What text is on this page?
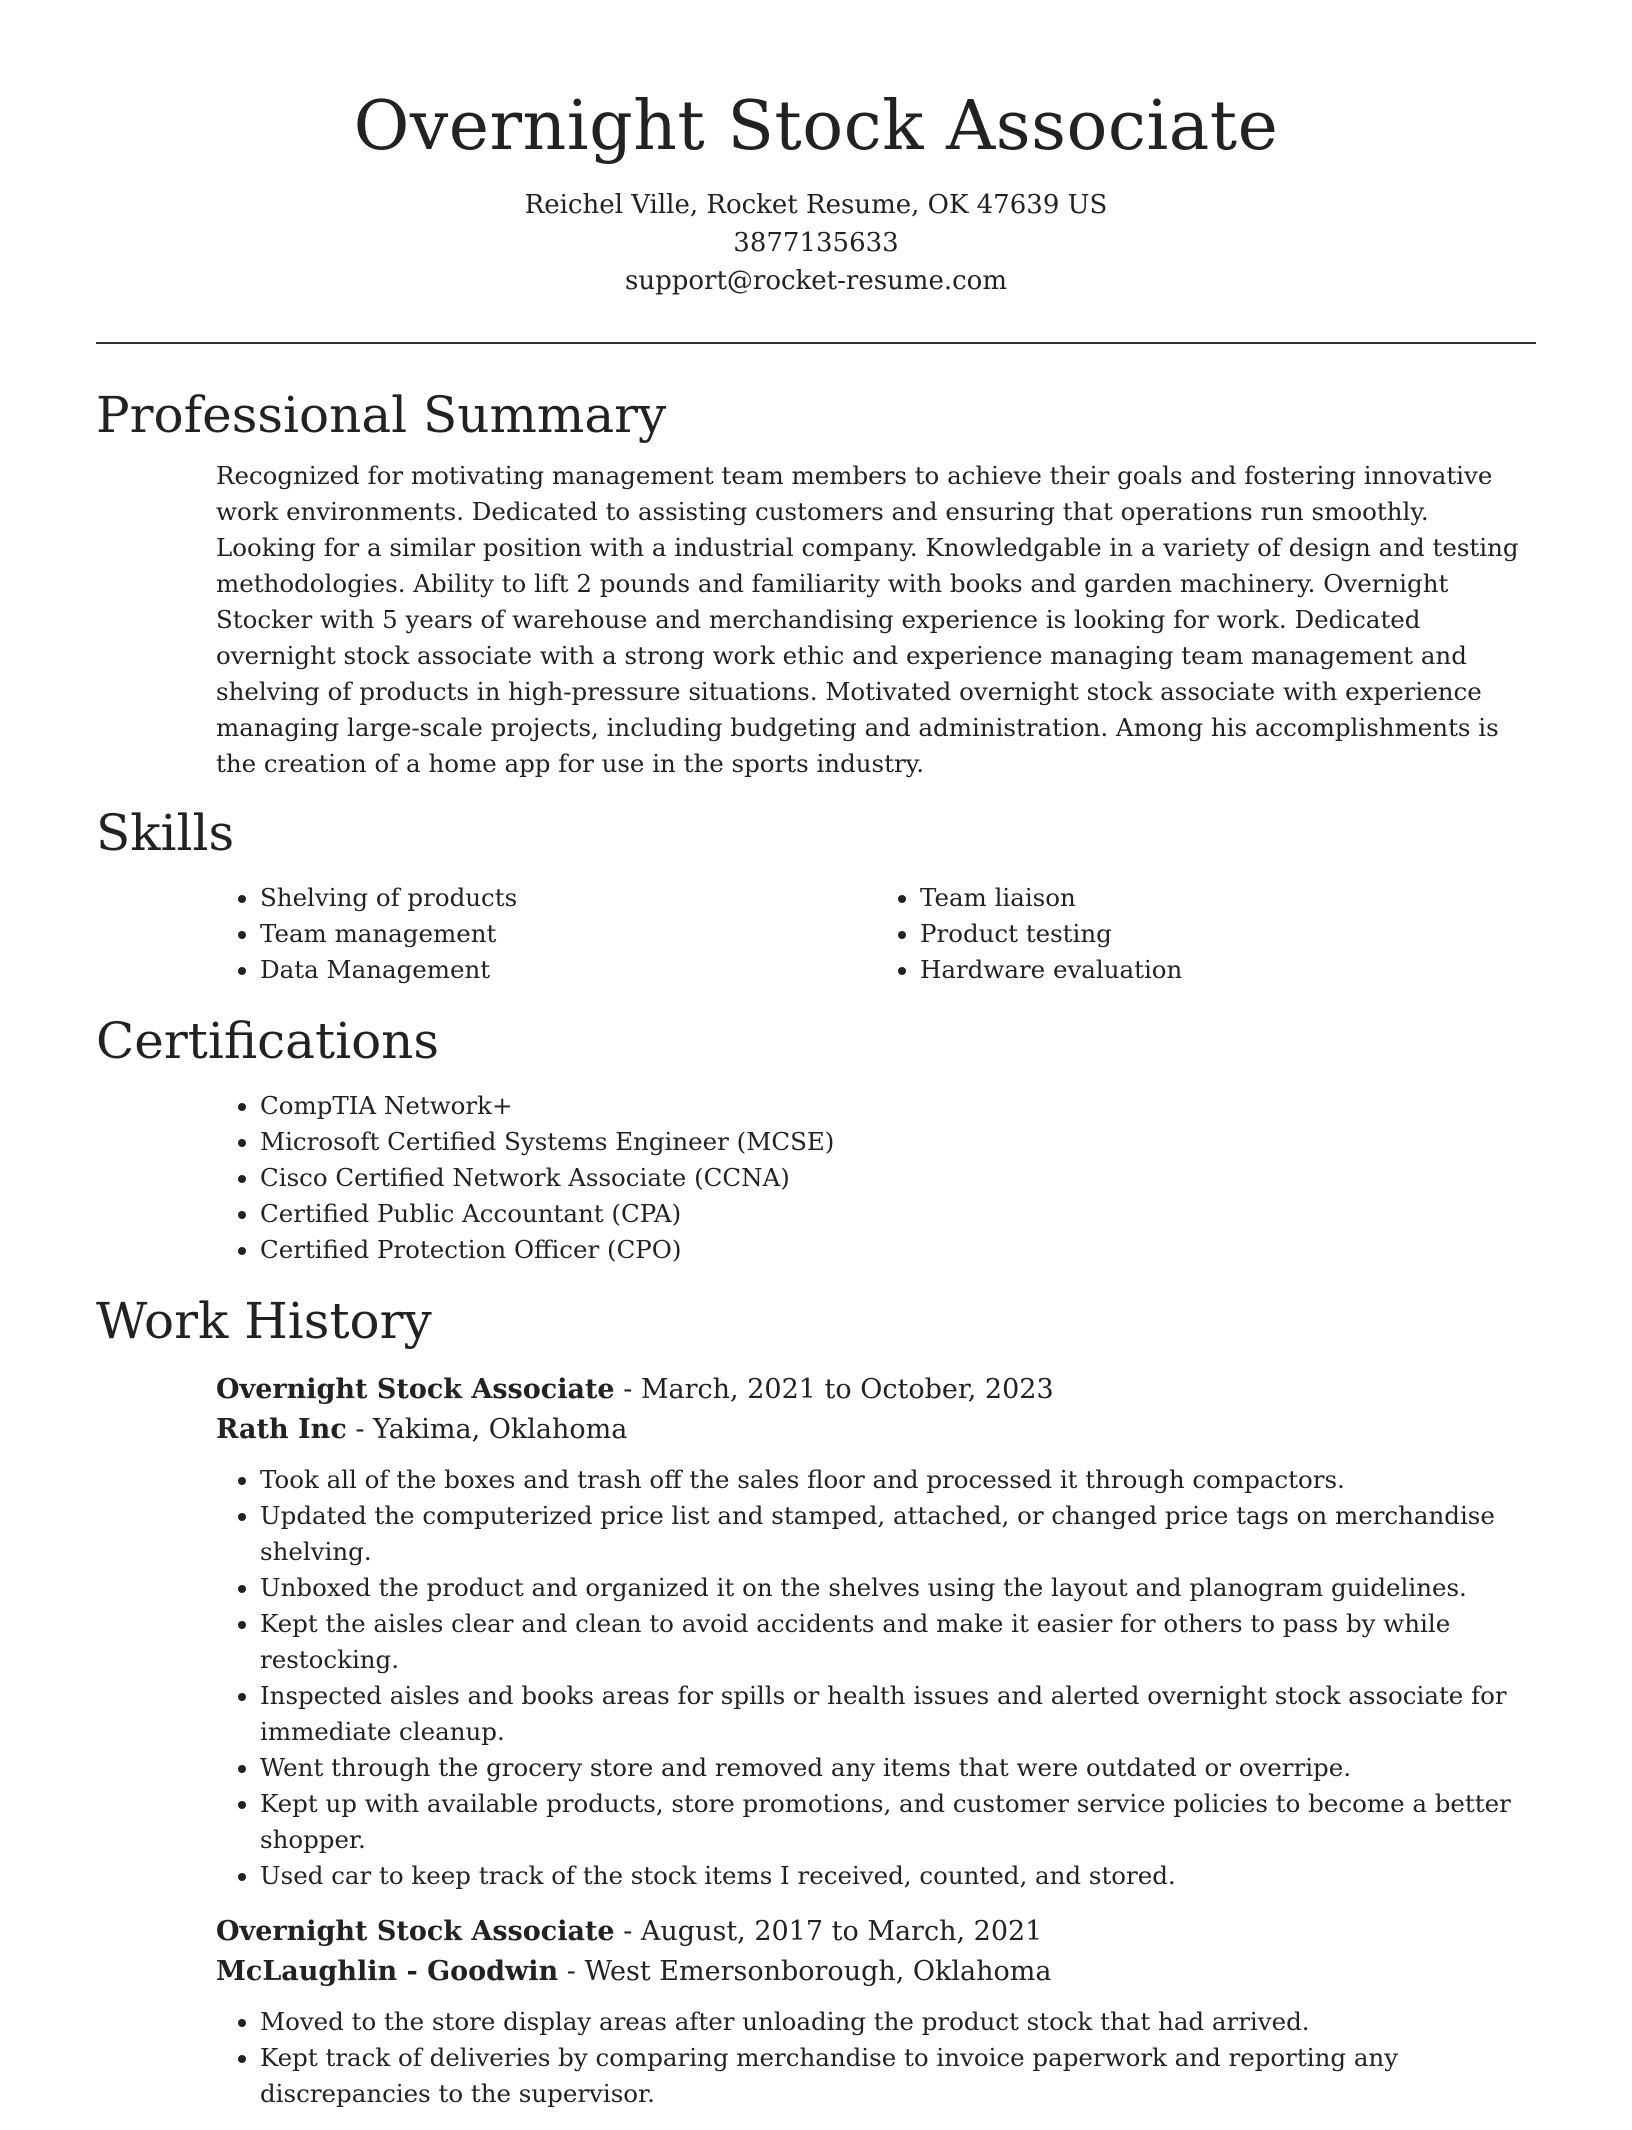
Overnight Stock Associate
Reichel Ville, Rocket Resume, OK 47639 US
3877135633
support@rocket-resume.com
Professional Summary

Recognized for motivating management team members to achieve their goals and fostering innovative work environments. Dedicated to assisting customers and ensuring that operations run smoothly. Looking for a similar position with a industrial company. Knowledgable in a variety of design and testing methodologies. Ability to lift 2 pounds and familiarity with books and garden machinery. Overnight Stocker with 5 years of warehouse and merchandising experience is looking for work. Dedicated overnight stock associate with a strong work ethic and experience managing team management and shelving of products in high-pressure situations. Motivated overnight stock associate with experience managing large-scale projects, including budgeting and administration. Among his accomplishments is the creation of a home app for use in the sports industry.

Skills
• Shelving of products
• Team management
• Data Management
• Team liaison
• Product testing
• Hardware evaluation
Certifications
• CompTIA Network+
• Microsoft Certified Systems Engineer (MCSE)
• Cisco Certified Network Associate (CCNA)
• Certified Public Accountant (CPA)
• Certified Protection Officer (CPO)
Work History
Overnight Stock Associate - March, 2021 to October, 2023
Rath Inc - Yakima, Oklahoma
• Took all of the boxes and trash off the sales floor and processed it through compactors.
• Updated the computerized price list and stamped, attached, or changed price tags on merchandise shelving.
• Unboxed the product and organized it on the shelves using the layout and planogram guidelines.
• Kept the aisles clear and clean to avoid accidents and make it easier for others to pass by while restocking.
• Inspected aisles and books areas for spills or health issues and alerted overnight stock associate for immediate cleanup.
• Went through the grocery store and removed any items that were outdated or overripe.
• Kept up with available products, store promotions, and customer service policies to become a better shopper.
• Used car to keep track of the stock items I received, counted, and stored.
Overnight Stock Associate - August, 2017 to March, 2021
McLaughlin - Goodwin - West Emersonborough, Oklahoma
• Moved to the store display areas after unloading the product stock that had arrived.
• Kept track of deliveries by comparing merchandise to invoice paperwork and reporting any discrepancies to the supervisor.
